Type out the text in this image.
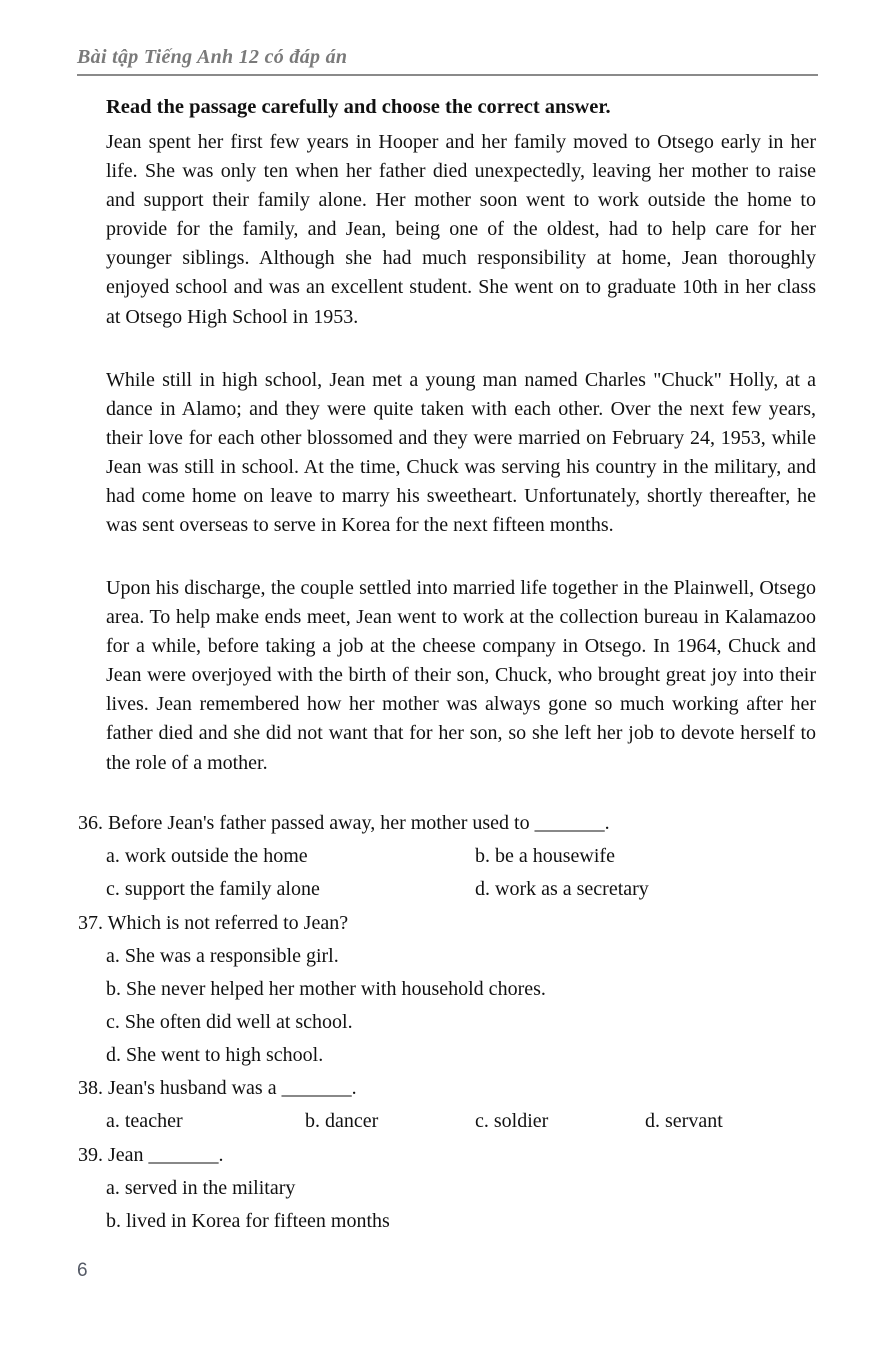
Bài tập Tiếng Anh 12 có đáp án
Read the passage carefully and choose the correct answer.

Jean spent her first few years in Hooper and her family moved to Otsego early in her life. She was only ten when her father died unexpectedly, leaving her mother to raise and support their family alone. Her mother soon went to work outside the home to provide for the family, and Jean, being one of the oldest, had to help care for her younger siblings. Although she had much responsibility at home, Jean thoroughly enjoyed school and was an excellent student. She went on to graduate 10th in her class at Otsego High School in 1953.

While still in high school, Jean met a young man named Charles "Chuck" Holly, at a dance in Alamo; and they were quite taken with each other. Over the next few years, their love for each other blossomed and they were married on February 24, 1953, while Jean was still in school. At the time, Chuck was serving his country in the military, and had come home on leave to marry his sweetheart. Unfortunately, shortly thereafter, he was sent overseas to serve in Korea for the next fifteen months.

Upon his discharge, the couple settled into married life together in the Plainwell, Otsego area. To help make ends meet, Jean went to work at the collection bureau in Kalamazoo for a while, before taking a job at the cheese company in Otsego. In 1964, Chuck and Jean were overjoyed with the birth of their son, Chuck, who brought great joy into their lives. Jean remembered how her mother was always gone so much working after her father died and she did not want that for her son, so she left her job to devote herself to the role of a mother.

36. Before Jean's father passed away, her mother used to _______.
a. work outside the home	b. be a housewife
c. support the family alone	d. work as a secretary
37. Which is not referred to Jean?
a. She was a responsible girl.
b. She never helped her mother with household chores.
c. She often did well at school.
d. She went to high school.
38. Jean's husband was a _______.
a. teacher	b. dancer	c. soldier	d. servant
39. Jean _______.
a. served in the military
b. lived in Korea for fifteen months
6
